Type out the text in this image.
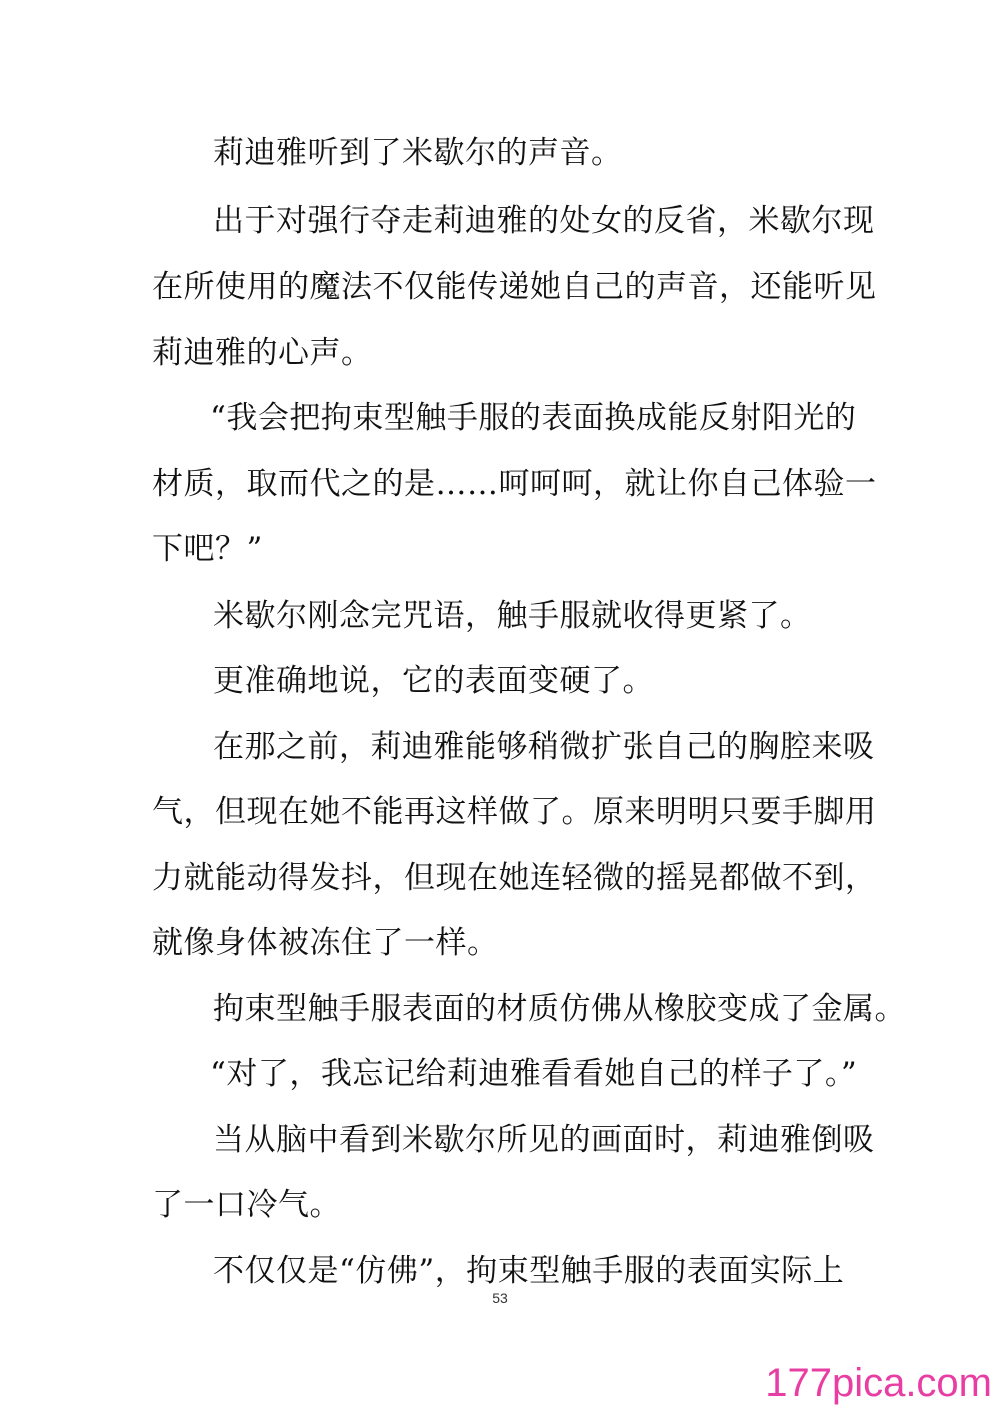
莉迪雅听到了米歇尔的声音。
出于对强行夺走莉迪雅的处女的反省，米歇尔现
在所使用的魔法不仅能传递她自己的声音，还能听见
莉迪雅的心声。
“我会把拘束型触手服的表面换成能反射阳光的
材质，取而代之的是……呵呵呵，就让你自己体验一
下吧？”
米歇尔刚念完咒语，触手服就收得更紧了。
更准确地说，它的表面变硬了。
在那之前，莉迪雅能够稍微扩张自己的胸腔来吸
气，但现在她不能再这样做了。原来明明只要手脚用
力就能动得发抖，但现在她连轻微的摇晃都做不到，
就像身体被冻住了一样。
拘束型触手服表面的材质仿佛从橡胶变成了金属。
“对了，我忘记给莉迪雅看看她自己的样子了。”
当从脑中看到米歇尔所见的画面时，莉迪雅倒吸
了一口冷气。
不仅仅是“仿佛”，拘束型触手服的表面实际上
53
177pica.com
